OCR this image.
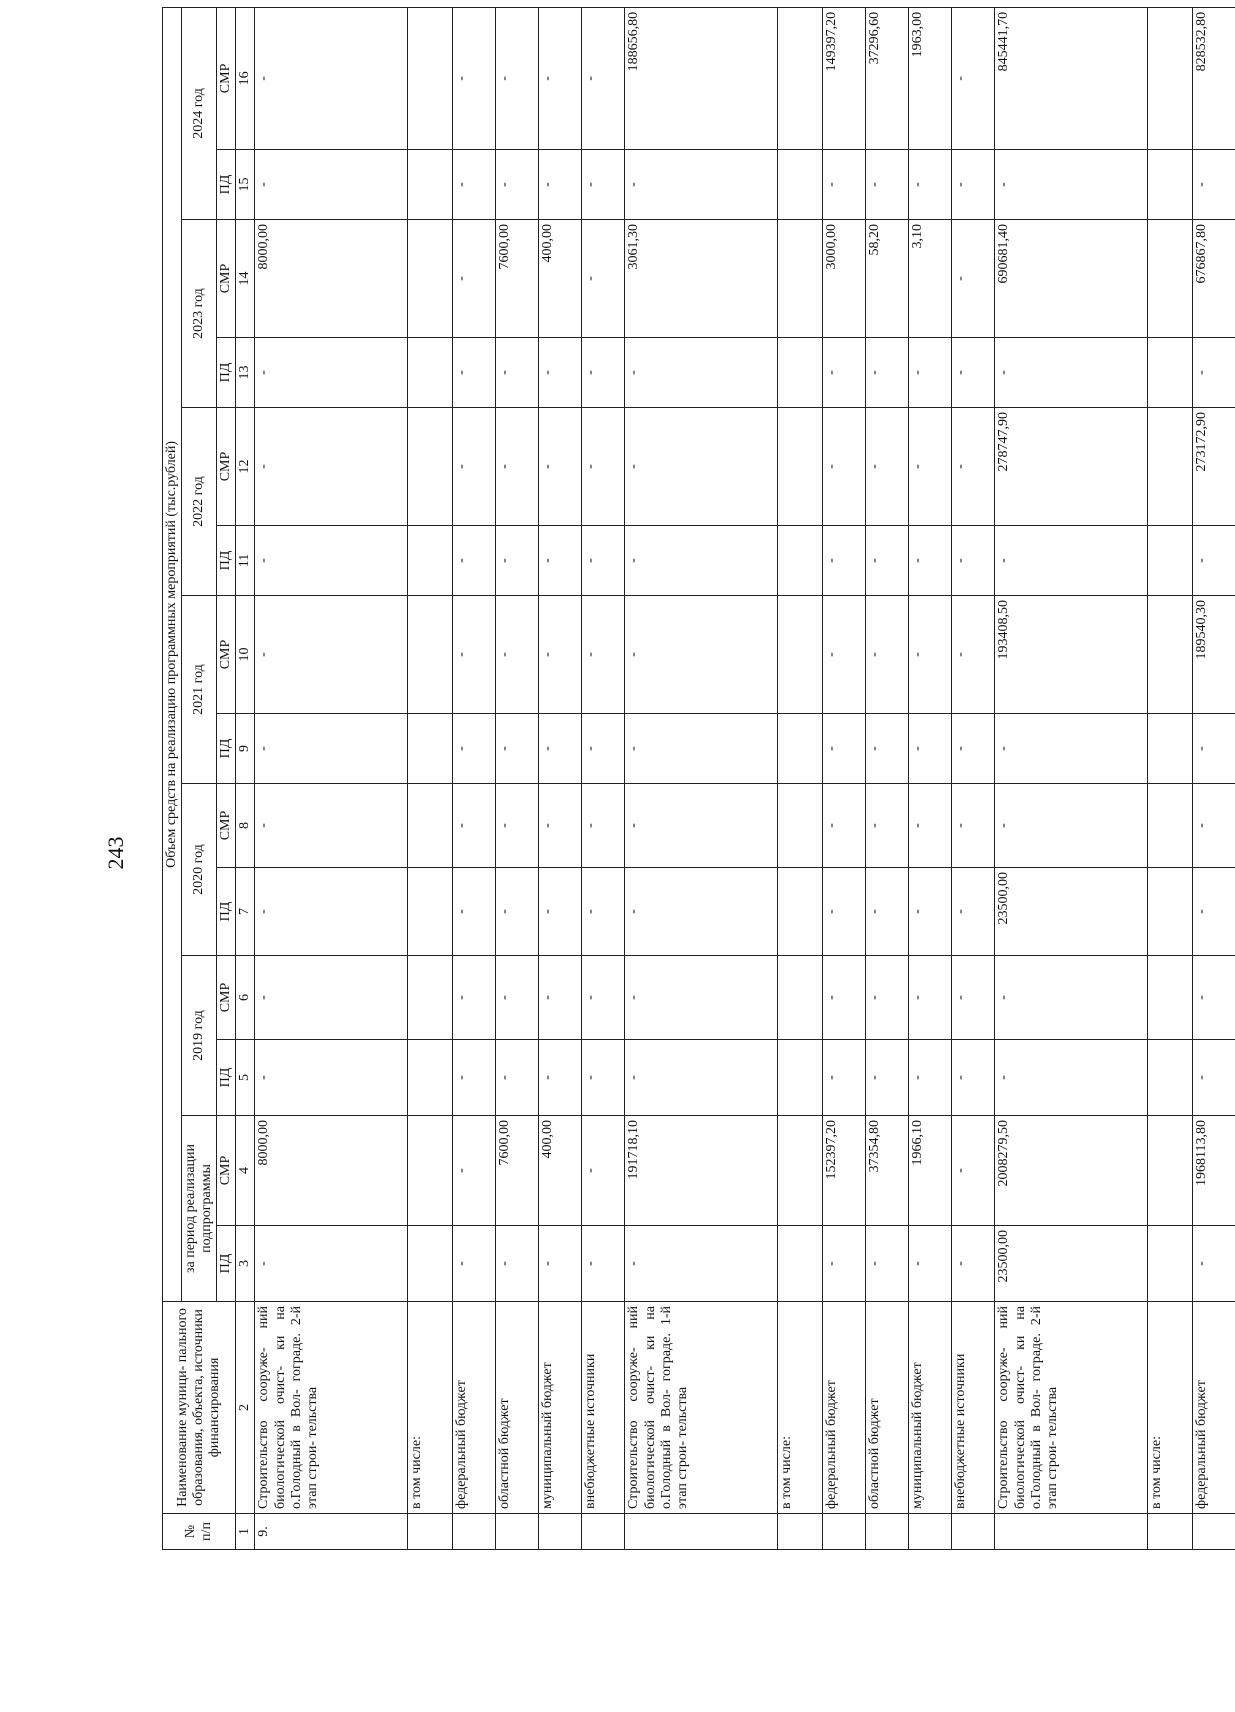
243
№ п/п	Наименование муници- пального образования, объекта, источники финансирования	Объем средств на реализацию программных мероприятий (тыс.рублей)													
		за период реализации подпрограммы		2019 год		2020 год		2021 год		2022 год		2023 год		2024 год	
		ПД	СМР	ПД	СМР	ПД	СМР	ПД	СМР	ПД	СМР	ПД	СМР	ПД	СМР
1	2	3	4	5	6	7	8	9	10	11	12	13	14	15	16
9.	Строительство сооруже- ний биологической очист- ки на о.Голодный в Вол- гограде. 2-й этап строи- тельства	-	8000,00	-	-	-	-	-	-	-	-	-	8000,00	-	-
	в том числе:														
	федеральный бюджет	-	-	-	-	-	-	-	-	-	-	-	-	-	-
	областной бюджет	-	7600,00	-	-	-	-	-	-	-	-	-	7600,00	-	-
	муниципальный бюджет	-	400,00	-	-	-	-	-	-	-	-	-	400,00	-	-
	внебюджетные источники	-	-	-	-	-	-	-	-	-	-	-	-	-	-
	Строительство сооруже- ний биологической очист- ки на о.Голодный в Вол- гограде. 1-й этап строи- тельства	-	191718,10	-	-	-	-	-	-	-	-	-	3061,30	-	188656,80
	в том числе:														
	федеральный бюджет	-	152397,20	-	-	-	-	-	-	-	-	-	3000,00	-	149397,20
	областной бюджет	-	37354,80	-	-	-	-	-	-	-	-	-	58,20	-	37296,60
	муниципальный бюджет	-	1966,10	-	-	-	-	-	-	-	-	-	3,10	-	1963,00
	внебюджетные источники	-	-	-	-	-	-	-	-	-	-	-	-	-	-
	Строительство сооруже- ний биологической очист- ки на о.Голодный в Вол- гограде. 2-й этап строи- тельства	23500,00	2008279,50	-	-	23500,00	-	-	193408,50	-	278747,90	-	690681,40	-	845441,70
	в том числе:														
	федеральный бюджет	-	1968113,80	-	-	-	-	-	189540,30	-	273172,90	-	676867,80	-	828532,80
